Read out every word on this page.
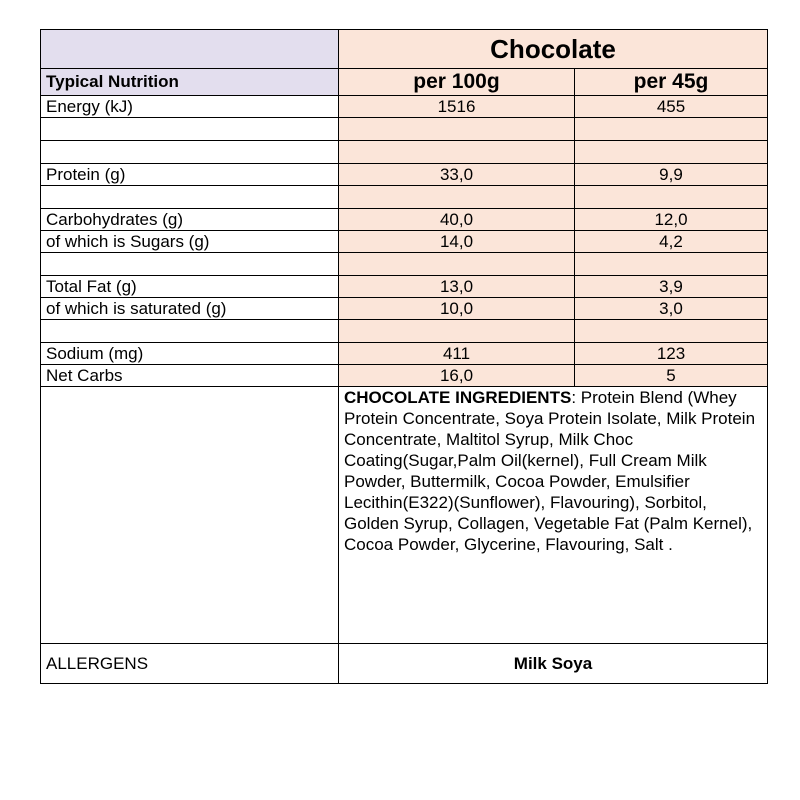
	Chocolate	
Typical Nutrition	per 100g	per 45g
Energy (kJ)	1516	455

Protein (g)	33,0	9,9

Carbohydrates (g)	40,0	12,0
of which is Sugars (g)	14,0	4,2

Total Fat (g)	13,0	3,9
of which is saturated (g)	10,0	3,0

Sodium (mg)	411	123
Net Carbs	16,0	5
	CHOCOLATE INGREDIENTS: Protein Blend (Whey Protein Concentrate, Soya Protein Isolate, Milk Protein Concentrate, Maltitol Syrup, Milk Choc Coating(Sugar,Palm Oil(kernel), Full Cream Milk Powder, Buttermilk, Cocoa Powder, Emulsifier Lecithin(E322)(Sunflower), Flavouring), Sorbitol, Golden Syrup, Collagen, Vegetable Fat (Palm Kernel), Cocoa Powder, Glycerine, Flavouring, Salt .	
ALLERGENS	Milk Soya	
